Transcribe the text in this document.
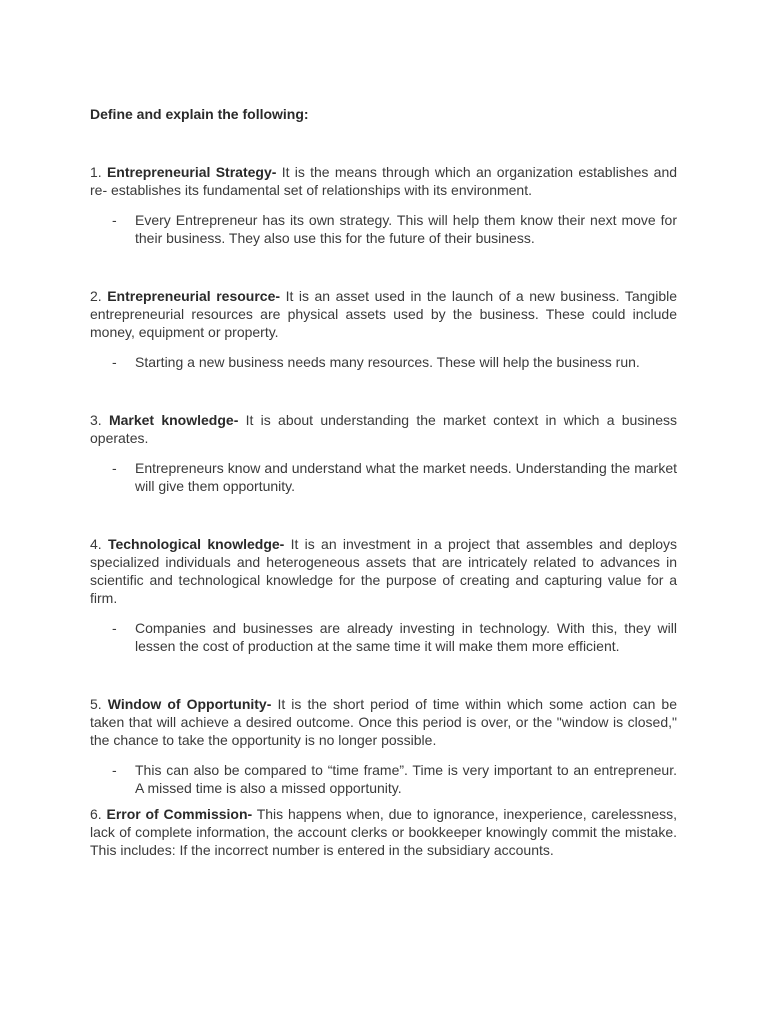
Define and explain the following:

1. Entrepreneurial Strategy- It is the means through which an organization establishes and re- establishes its fundamental set of relationships with its environment.

-	Every Entrepreneur has its own strategy. This will help them know their next move for their business. They also use this for the future of their business.

2. Entrepreneurial resource- It is an asset used in the launch of a new business. Tangible entrepreneurial resources are physical assets used by the business. These could include money, equipment or property.

-	Starting a new business needs many resources. These will help the business run.

3. Market knowledge- It is about understanding the market context in which a business operates.

-	Entrepreneurs know and understand what the market needs. Understanding the market will give them opportunity.

4. Technological knowledge- It is an investment in a project that assembles and deploys specialized individuals and heterogeneous assets that are intricately related to advances in scientific and technological knowledge for the purpose of creating and capturing value for a firm.

-	Companies and businesses are already investing in technology. With this, they will lessen the cost of production at the same time it will make them more efficient.

5. Window of Opportunity- It is the short period of time within which some action can be taken that will achieve a desired outcome. Once this period is over, or the "window is closed," the chance to take the opportunity is no longer possible.

-	This can also be compared to “time frame”. Time is very important to an entrepreneur. A missed time is also a missed opportunity.

6. Error of Commission- This happens when, due to ignorance, inexperience, carelessness, lack of complete information, the account clerks or bookkeeper knowingly commit the mistake. This includes: If the incorrect number is entered in the subsidiary accounts.
